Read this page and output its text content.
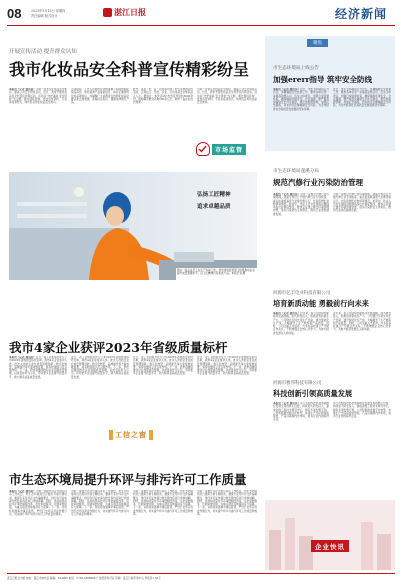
08	2023年5月18日 星期四
责任编辑 版式设计	湛江日报	经济新闻
开展宣传活动 提升群众认知
我市化妆品安全科普宣传精彩纷呈
本报讯（记者 通讯员）为进一步普及化妆品安全知识，提高公众安全用妆意识，近日，我市开展化妆品安全科普宣传周活动。活动以“守护美丽 安全用妆”为主题，通过现场咨询、发放宣传资料、专家讲座等形式，向市民宣传化妆品安全知识。
活动现场，工作人员向市民详细讲解了如何辨别化妆品真伪、如何查询产品备案信息、如何正确使用化妆品等知识，并提醒广大消费者在选购化妆品时要认准正规渠道，查看标签标识，谨慎选择网红产品。
此外，各县（市、区）也同步开展了形式多样的宣传活动，走进社区、学校、企业，让化妆品安全知识深入人心。据统计，本次活动共发放宣传资料3000余份，现场解答群众咨询500余人次，取得了良好的社会效果。
为进一步普及化妆品安全知识，提高公众安全用妆意识，近日，我市开展化妆品安全科普宣传周活动。活动以“守护美丽 安全用妆”为主题，通过现场咨询、发放宣传资料、专家讲座等形式，向市民宣传化妆品安全知识。
市场监管
弘扬工匠精神
追求卓越品质
图为一家企业员工在生产车间工作。我市市场监管部门积极推动企业提升质量管理水平，以工匠精神打造优质产品。本报记者 摄
聚焦
市生态环境局上线公告
加强ererr指导 筑牢安全防线
本报讯（记者 通讯员）近日，市生态环境局召开会议，部署辐射安全监管工作，要求各单位进一步提高思想认识，压实主体责任，加强日常监督检查，确保辐射环境安全。会议强调，要严格落实辐射安全许可制度，规范放射源管理，加强应急演练，切实防范化解辐射安全风险，为全市经济社会高质量发展提供坚实保障。
近日，市生态环境局召开会议，部署辐射安全监管工作，要求各单位进一步提高思想认识，压实主体责任，加强日常监督检查，确保辐射环境安全。会议强调，要严格落实辐射安全许可制度，规范放射源管理，加强应急演练，切实防范化解辐射安全风险，为全市经济社会高质量发展提供坚实保障。
市生态环境局遂溪分局
规范汽修行业污染防治管理
本报讯（记者 通讯员）为进一步规范汽修行业环境管理，遂溪分局近日开展汽修行业专项检查，重点检查喷漆废气处理设施运行、危险废物贮存转移等情况。检查中，执法人员对发现的问题现场指出并督促整改，要求企业建立健全环境管理台账，落实污染防治主体责任，推动行业绿色健康发展。
为进一步规范汽修行业环境管理，遂溪分局近日开展汽修行业专项检查，重点检查喷漆废气处理设施运行、危险废物贮存转移等情况。检查中，执法人员对发现的问题现场指出并督促整改，要求企业建立健全环境管理台账，落实污染防治主体责任，推动行业绿色健康发展。
我市4家企业获评2023年省级质量标杆
本报讯（记者 通讯员）近日，省工业和信息化厅公布2023年省级质量标杆名单，我市4家企业成功入选。此次入选的企业在质量管理创新、数字化转型、品牌建设等方面成效显著，具有较强的示范引领作用。下一步，我市将继续推动企业加强质量管理，以质量标杆为示范，带动更多企业提升质量水平，助力制造业高质量发展。
近日，省工业和信息化厅公布2023年省级质量标杆名单，我市4家企业成功入选。此次入选的企业在质量管理创新、数字化转型、品牌建设等方面成效显著，具有较强的示范引领作用。下一步，我市将继续推动企业加强质量管理，以质量标杆为示范，带动更多企业提升质量水平，助力制造业高质量发展。
近日，省工业和信息化厅公布2023年省级质量标杆名单，我市4家企业成功入选。此次入选的企业在质量管理创新、数字化转型、品牌建设等方面成效显著，具有较强的示范引领作用。下一步，我市将继续推动企业加强质量管理，以质量标杆为示范，带动更多企业提升质量水平，助力制造业高质量发展。
近日，省工业和信息化厅公布2023年省级质量标杆名单，我市4家企业成功入选。此次入选的企业在质量管理创新、数字化转型、品牌建设等方面成效显著，具有较强的示范引领作用。下一步，我市将继续推动企业加强质量管理，以质量标杆为示范，带动更多企业提升质量水平，助力制造业高质量发展。
工信之窗
市生态环境局提升环评与排污许可工作质量
本报讯（记者 通讯员）为进一步提升环评与排污许可工作质量，市生态环境局近日组织开展专题培训，邀请专家对环评文件编制要点、排污许可证申请与核发等内容进行详细讲解。同时，该局持续深化环评审批制度改革，优化审批服务，压缩审批时限，为重点项目落地提供有力保障。下一步，该局将加强事中事后监管，严厉打击环评弄虚作假行为，切实提升环评与排污许可工作质量和效率。
为进一步提升环评与排污许可工作质量，市生态环境局近日组织开展专题培训，邀请专家对环评文件编制要点、排污许可证申请与核发等内容进行详细讲解。同时，该局持续深化环评审批制度改革，优化审批服务，压缩审批时限，为重点项目落地提供有力保障。下一步，该局将加强事中事后监管，严厉打击环评弄虚作假行为，切实提升环评与排污许可工作质量和效率。
为进一步提升环评与排污许可工作质量，市生态环境局近日组织开展专题培训，邀请专家对环评文件编制要点、排污许可证申请与核发等内容进行详细讲解。同时，该局持续深化环评审批制度改革，优化审批服务，压缩审批时限，为重点项目落地提供有力保障。下一步，该局将加强事中事后监管，严厉打击环评弄虚作假行为，切实提升环评与排污许可工作质量和效率。
为进一步提升环评与排污许可工作质量，市生态环境局近日组织开展专题培训，邀请专家对环评文件编制要点、排污许可证申请与核发等内容进行详细讲解。同时，该局持续深化环评审批制度改革，优化审批服务，压缩审批时限，为重点项目落地提供有力保障。下一步，该局将加强事中事后监管，严厉打击环评弄虚作假行为，切实提升环评与排污许可工作质量和效率。
河源市亿丰电业科技有限公司
培育新质动能 勇毅前行向未来
本报讯（记者 通讯员）近年来，该公司坚持创新驱动发展战略，加大研发投入，积极培育新质生产力。公司通过引进先进生产设备、建设智能化生产线，大幅提升了生产效率和产品质量。同时，公司注重人才培养，与多所高校建立产学研合作关系，不断增强企业核心竞争力，为地方经济发展注入新动能。
近年来，该公司坚持创新驱动发展战略，加大研发投入，积极培育新质生产力。公司通过引进先进生产设备、建设智能化生产线，大幅提升了生产效率和产品质量。同时，公司注重人才培养，与多所高校建立产学研合作关系，不断增强企业核心竞争力，为地方经济发展注入新动能。
河源市雅邦科技有限公司
科技创新引领高质量发展
本报讯（记者 通讯员）该公司始终把科技创新摆在发展全局的核心位置，持续加大研发投入，建成省级工程技术研究中心，拥有多项发明专利。公司积极推进数字化转型，实现生产全流程智能管控，产品远销国内外市场，成为行业内的标杆企业。
该公司始终把科技创新摆在发展全局的核心位置，持续加大研发投入，建成省级工程技术研究中心，拥有多项发明专利。公司积极推进数字化转型，实现生产全流程智能管控，产品远销国内外市场，成为行业内的标杆企业。
企业快讯
湛江日报社出版 地址：湛江市赤坎区 邮编：524000 电话：0759-3388888 广告经营许可证 印刷：湛江日报印务中心 零售价1.50元
